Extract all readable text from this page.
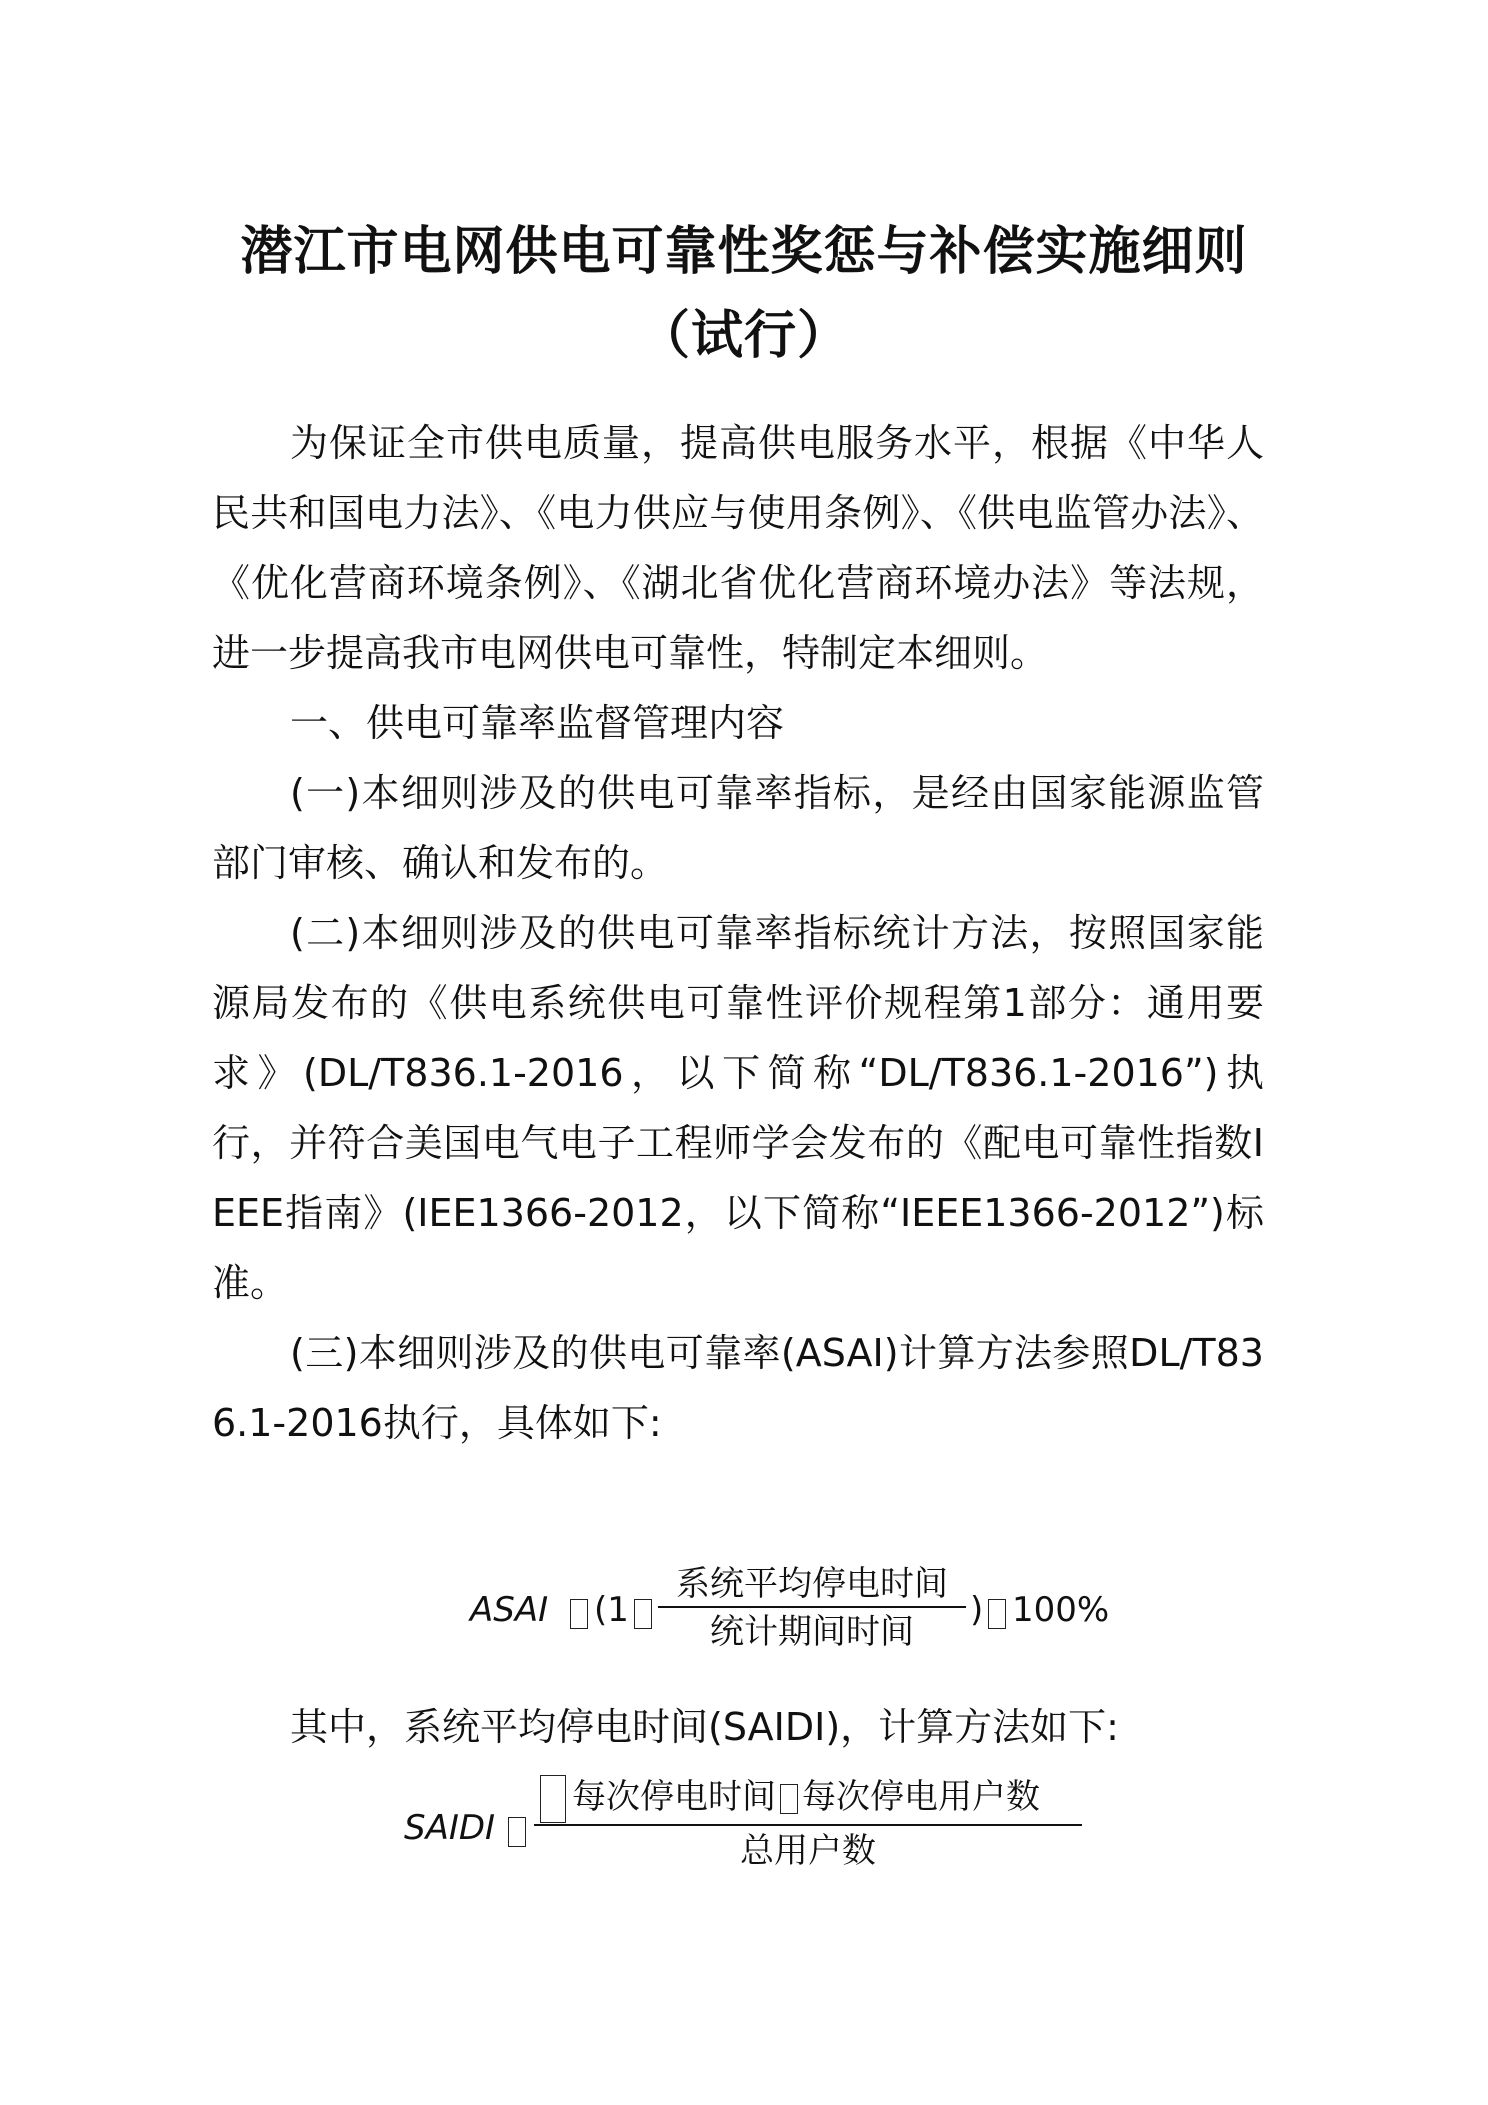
潜江市电网供电可靠性奖惩与补偿实施细则
（试行）

为保证全市供电质量，提高供电服务水平，根据《中华人民共和国电力法》、《电力供应与使用条例》、《供电监管办法》、《优化营商环境条例》、《湖北省优化营商环境办法》等法规，进一步提高我市电网供电可靠性，特制定本细则。

一、供电可靠率监督管理内容

(一)本细则涉及的供电可靠率指标，是经由国家能源监管部门审核、确认和发布的。

(二)本细则涉及的供电可靠率指标统计方法，按照国家能源局发布的《供电系统供电可靠性评价规程第1部分：通用要求》(DL/T836.1-2016，以下简称“DL/T836.1-2016”)执行，并符合美国电气电子工程师学会发布的《配电可靠性指数IEEE指南》(IEE1366-2012，以下简称“IEEE1366-2012”)标准。

(三)本细则涉及的供电可靠率(ASAI)计算方法参照DL/T836.1-2016执行，具体如下:

ASAI (1
系统平均停电时间
统计期间时间
) 100%

其中，系统平均停电时间(SAIDI)，计算方法如下:

SAIDI
每次停电时间 每次停电用户数
总用户数
